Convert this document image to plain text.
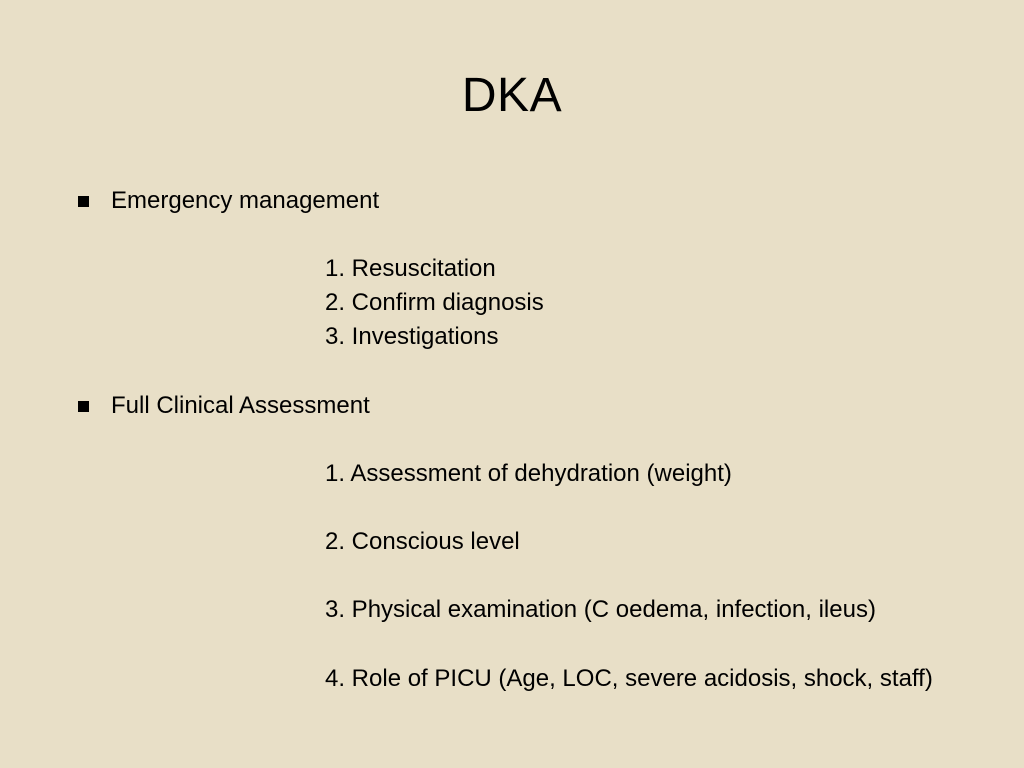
DKA
Emergency management
1. Resuscitation
2. Confirm diagnosis
3. Investigations
Full Clinical Assessment
1. Assessment of dehydration (weight)
2. Conscious level
3. Physical examination (C oedema, infection, ileus)
4. Role of PICU (Age, LOC, severe acidosis, shock, staff)
